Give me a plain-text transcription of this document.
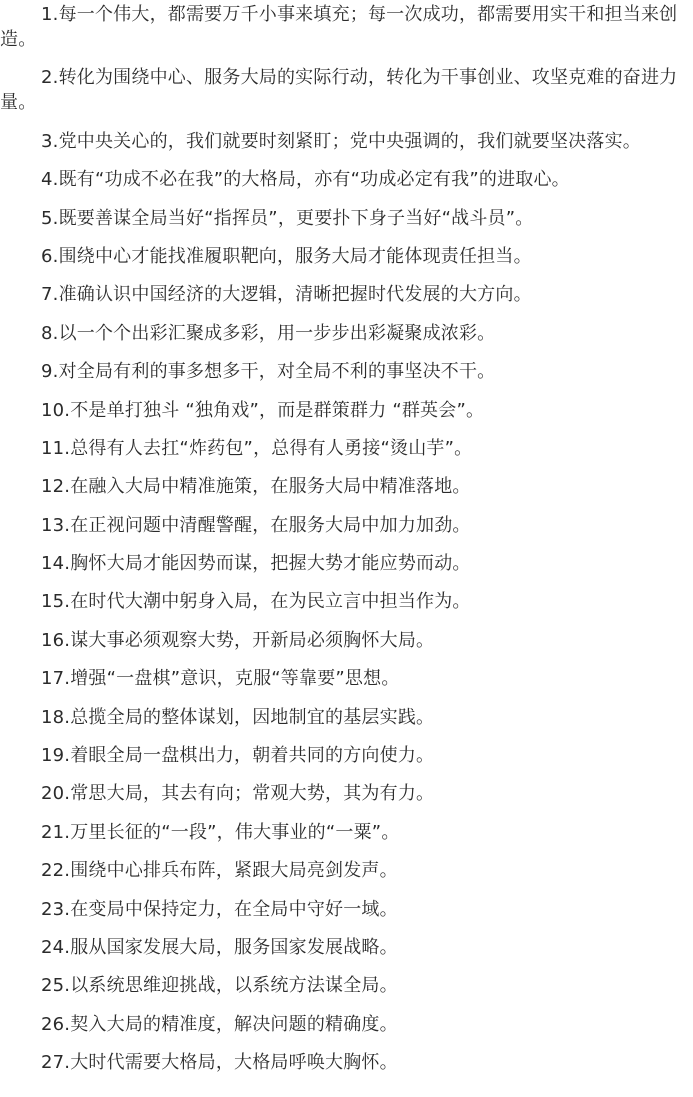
1.每一个伟大，都需要万千小事来填充；每一次成功，都需要用实干和担当来创造。

2.转化为围绕中心、服务大局的实际行动，转化为干事创业、攻坚克难的奋进力量。

3.党中央关心的，我们就要时刻紧盯；党中央强调的，我们就要坚决落实。

4.既有“功成不必在我”的大格局，亦有“功成必定有我”的进取心。

5.既要善谋全局当好“指挥员”，更要扑下身子当好“战斗员”。

6.围绕中心才能找准履职靶向，服务大局才能体现责任担当。

7.准确认识中国经济的大逻辑，清晰把握时代发展的大方向。

8.以一个个出彩汇聚成多彩，用一步步出彩凝聚成浓彩。

9.对全局有利的事多想多干，对全局不利的事坚决不干。

10.不是单打独斗 “独角戏”，而是群策群力 “群英会”。

11.总得有人去扛“炸药包”，总得有人勇接“烫山芋”。

12.在融入大局中精准施策，在服务大局中精准落地。

13.在正视问题中清醒警醒，在服务大局中加力加劲。

14.胸怀大局才能因势而谋，把握大势才能应势而动。

15.在时代大潮中躬身入局，在为民立言中担当作为。

16.谋大事必须观察大势，开新局必须胸怀大局。

17.增强“一盘棋”意识，克服“等靠要”思想。

18.总揽全局的整体谋划，因地制宜的基层实践。

19.着眼全局一盘棋出力，朝着共同的方向使力。

20.常思大局，其去有向；常观大势，其为有力。

21.万里长征的“一段”，伟大事业的“一粟”。

22.围绕中心排兵布阵，紧跟大局亮剑发声。

23.在变局中保持定力，在全局中守好一域。

24.服从国家发展大局，服务国家发展战略。

25.以系统思维迎挑战，以系统方法谋全局。

26.契入大局的精准度，解决问题的精确度。

27.大时代需要大格局，大格局呼唤大胸怀。
